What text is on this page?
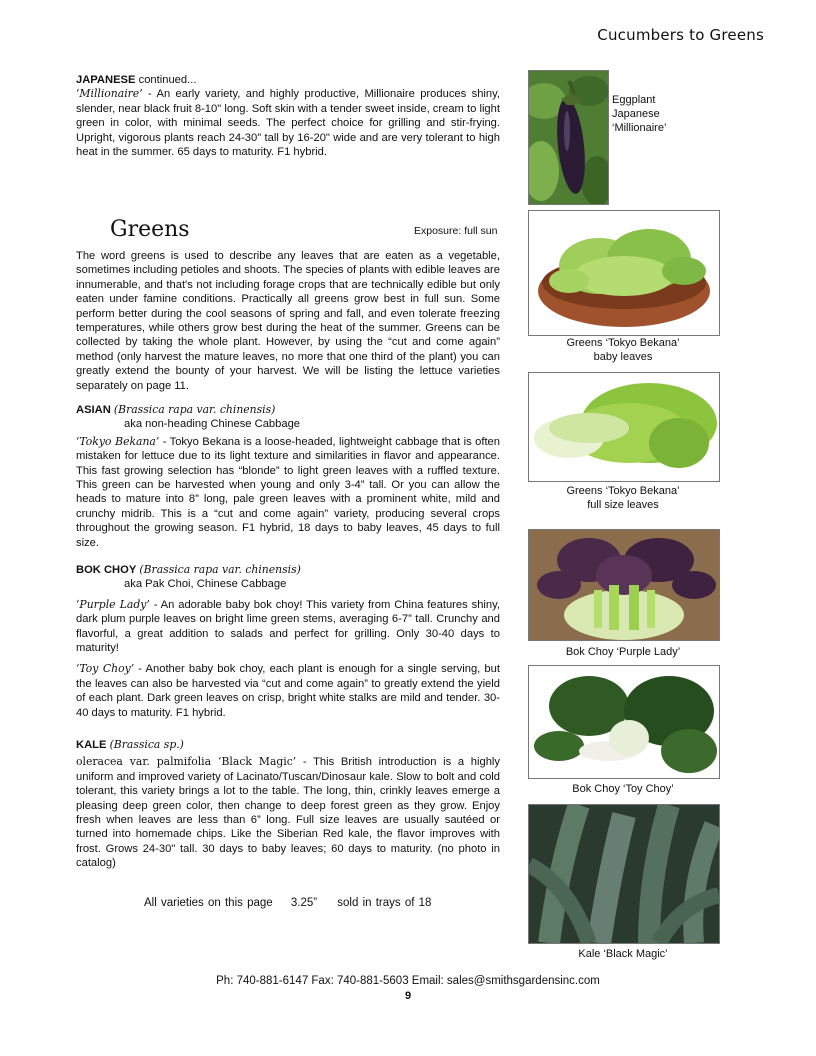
Cucumbers to Greens

JAPANESE continued...

‘Millionaire’ - An early variety, and highly productive, Millionaire produces shiny, slender, near black fruit 8-10" long. Soft skin with a tender sweet inside, cream to light green in color, with minimal seeds. The perfect choice for grilling and stir-frying. Upright, vigorous plants reach 24-30" tall by 16-20" wide and are very tolerant to high heat in the summer. 65 days to maturity. F1 hybrid.

Greens	Exposure: full sun
The word greens is used to describe any leaves that are eaten as a vegetable, sometimes including petioles and shoots. The species of plants with edible leaves are innumerable, and that's not including forage crops that are technically edible but only eaten under famine conditions. Practically all greens grow best in full sun. Some perform better during the cool seasons of spring and fall, and even tolerate freezing temperatures, while others grow best during the heat of the summer. Greens can be collected by taking the whole plant. However, by using the “cut and come again” method (only harvest the mature leaves, no more that one third of the plant) you can greatly extend the bounty of your harvest. We will be listing the lettuce varieties separately on page 11.

ASIAN (Brassica rapa var. chinensis)

aka non-heading Chinese Cabbage

‘Tokyo Bekana’ - Tokyo Bekana is a loose-headed, lightweight cabbage that is often mistaken for lettuce due to its light texture and similarities in flavor and appearance. This fast growing selection has “blonde” to light green leaves with a ruffled texture. This green can be harvested when young and only 3-4” tall. Or you can allow the heads to mature into 8” long, pale green leaves with a prominent white, mild and crunchy midrib. This is a “cut and come again” variety, producing several crops throughout the growing season. F1 hybrid, 18 days to baby leaves, 45 days to full size.

BOK CHOY (Brassica rapa var. chinensis)

aka Pak Choi, Chinese Cabbage

‘Purple Lady’ - An adorable baby bok choy! This variety from China features shiny, dark plum purple leaves on bright lime green stems, averaging 6-7” tall. Crunchy and flavorful, a great addition to salads and perfect for grilling. Only 30-40 days to maturity!

‘Toy Choy’ - Another baby bok choy, each plant is enough for a single serving, but the leaves can also be harvested via “cut and come again” to greatly extend the yield of each plant. Dark green leaves on crisp, bright white stalks are mild and tender. 30-40 days to maturity. F1 hybrid.

KALE (Brassica sp.)

oleracea var. palmifolia ‘Black Magic’ - This British introduction is a highly uniform and improved variety of Lacinato/Tuscan/Dinosaur kale. Slow to bolt and cold tolerant, this variety brings a lot to the table. The long, thin, crinkly leaves emerge a pleasing deep green color, then change to deep forest green as they grow. Enjoy fresh when leaves are less than 6” long. Full size leaves are usually sautéed or turned into homemade chips. Like the Siberian Red kale, the flavor improves with frost. Grows 24-30" tall. 30 days to baby leaves; 60 days to maturity. (no photo in catalog)

All varieties on this page 3.25” sold in trays of 18
Eggplant
Japanese
‘Millionaire’
Greens ‘Tokyo Bekana’
baby leaves
Greens ‘Tokyo Bekana’
full size leaves
Bok Choy ‘Purple Lady’
Bok Choy ‘Toy Choy’
Kale ‘Black Magic’
Ph: 740-881-6147 Fax: 740-881-5603 Email: sales@smithsgardensinc.com
9
